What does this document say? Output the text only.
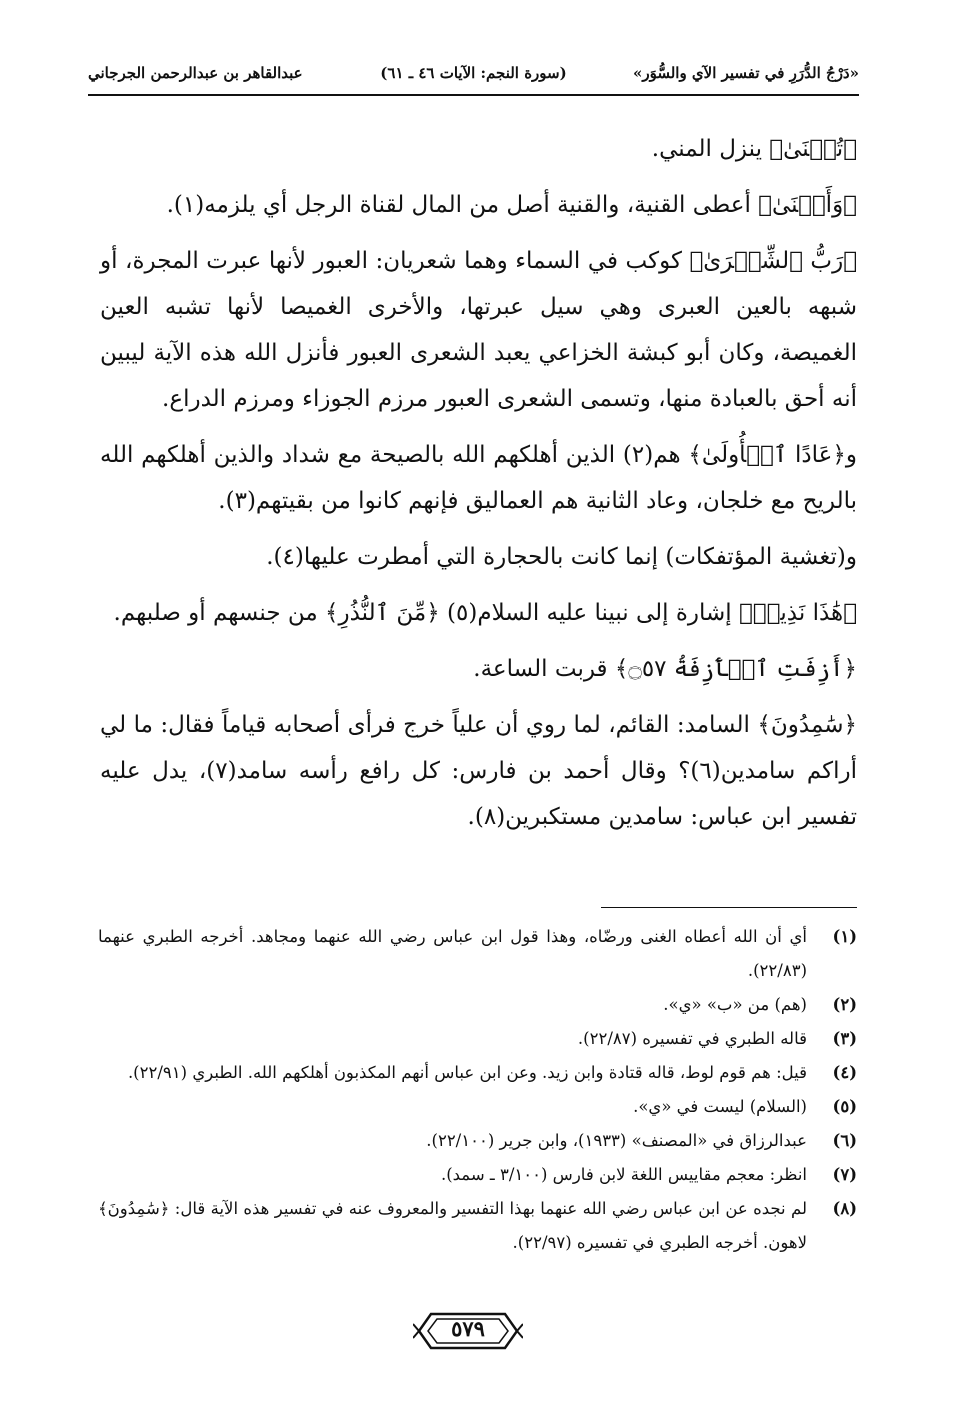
«دَرْجُ الدُّرَرِ في تفسير الآي والسُّوَر»
(سورة النجم: الآيات ٤٦ ـ ٦١)
عبدالقاهر بن عبدالرحمن الجرجاني

﴿تُمۡنَىٰ﴾ ينزل المني.

﴿وَأَقۡنَىٰ﴾ أعطى القنية، والقنية أصل من المال لقناة الرجل أي يلزمه(١).

﴿رَبُّ ٱلشِّعۡرَىٰ﴾ كوكب في السماء وهما شعريان: العبور لأنها عبرت المجرة، أو شبهه بالعين العبرى وهي سيل عبرتها، والأخرى الغميصا لأنها تشبه العين الغميصة، وكان أبو كبشة الخزاعي يعبد الشعرى العبور فأنزل الله هذه الآية ليبين أنه أحق بالعبادة منها، وتسمى الشعرى العبور مرزم الجوزاء ومرزم الدراع.

و﴿عَادًا ٱلۡأُولَىٰ﴾ هم(٢) الذين أهلكهم الله بالصيحة مع شداد والذين أهلكهم الله بالريح مع خلجان، وعاد الثانية هم العماليق فإنهم كانوا من بقيتهم(٣).

و(تغشية المؤتفكات) إنما كانت بالحجارة التي أمطرت عليها(٤).

﴿هَٰذَا نَذِيرٞ﴾ إشارة إلى نبينا عليه السلام(٥) ﴿مِّنَ ٱلنُّذُرِ﴾ من جنسهم أو صلبهم.

﴿أَزِفَتِ ٱلۡأٓزِفَةُ ۝٥٧﴾ قربت الساعة.

﴿سَٰمِدُونَ﴾ السامد: القائم، لما روي أن علياً خرج فرأى أصحابه قياماً فقال: ما لي أراكم سامدين(٦)؟ وقال أحمد بن فارس: كل رافع رأسه سامد(٧)، يدل عليه تفسير ابن عباس: سامدين مستكبرين(٨).

(١)
أي أن الله أعطاه الغنى ورضّاه، وهذا قول ابن عباس رضي الله عنهما ومجاهد. أخرجه الطبري عنهما (٢٢/٨٣).
(٢)
(هم) من «ب» «ي».
(٣)
قاله الطبري في تفسيره (٢٢/٨٧).
(٤)
قيل: هم قوم لوط، قاله قتادة وابن زيد. وعن ابن عباس أنهم المكذبون أهلكهم الله. الطبري (٢٢/٩١).
(٥)
(السلام) ليست في «ي».
(٦)
عبدالرزاق في «المصنف» (١٩٣٣)، وابن جرير (٢٢/١٠٠).
(٧)
انظر: معجم مقاييس اللغة لابن فارس (٣/١٠٠ ـ سمد).
(٨)
لم نجده عن ابن عباس رضي الله عنهما بهذا التفسير والمعروف عنه في تفسير هذه الآية قال: ﴿سَٰمِدُونَ﴾ لاهون. أخرجه الطبري في تفسيره (٢٢/٩٧).
٥٧٩
